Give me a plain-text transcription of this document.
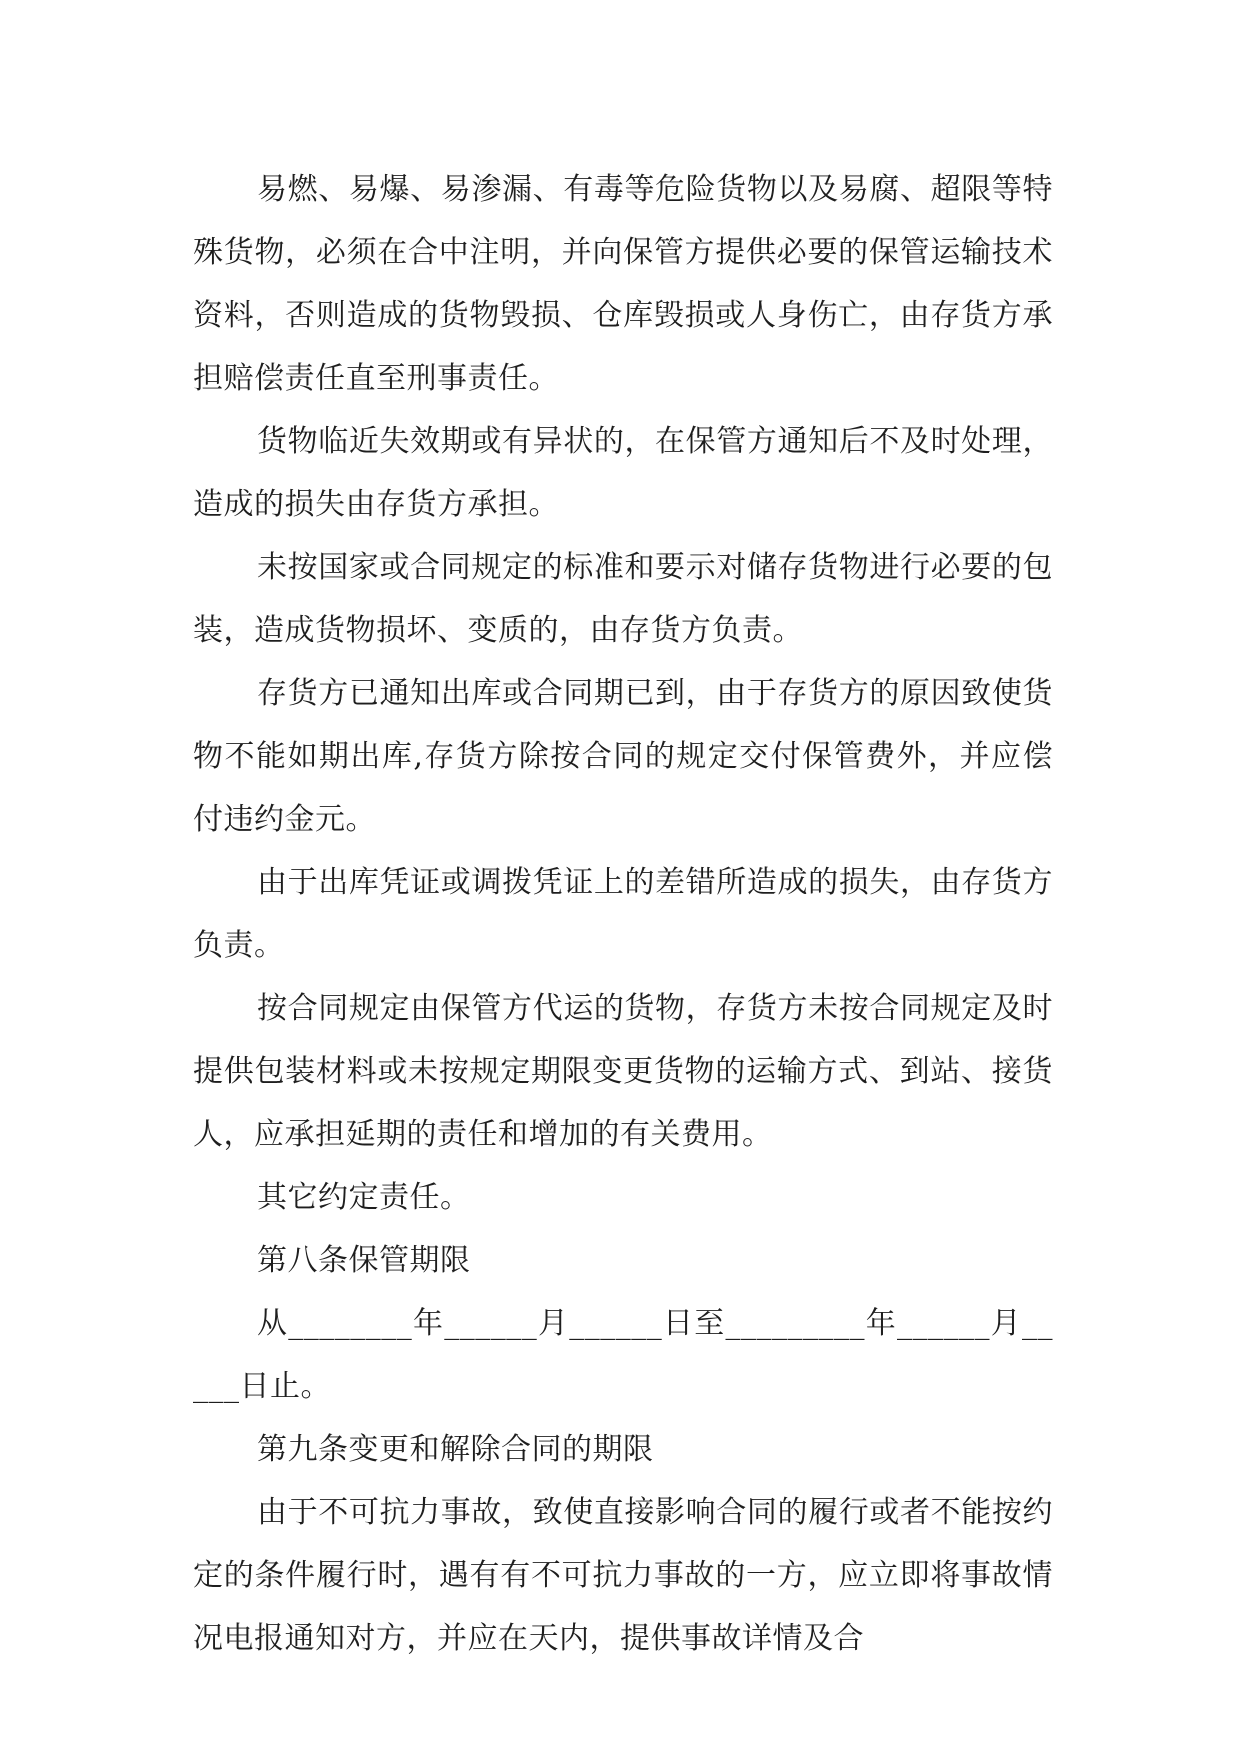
易燃、易爆、易渗漏、有毒等危险货物以及易腐、超限等特殊货物，必须在合中注明，并向保管方提供必要的保管运输技术资料，否则造成的货物毁损、仓库毁损或人身伤亡，由存货方承担赔偿责任直至刑事责任。

货物临近失效期或有异状的，在保管方通知后不及时处理，造成的损失由存货方承担。

未按国家或合同规定的标准和要示对储存货物进行必要的包装，造成货物损坏、变质的，由存货方负责。

存货方已通知出库或合同期已到，由于存货方的原因致使货物不能如期出库,存货方除按合同的规定交付保管费外，并应偿付违约金元。

由于出库凭证或调拨凭证上的差错所造成的损失，由存货方负责。

按合同规定由保管方代运的货物，存货方未按合同规定及时提供包装材料或未按规定期限变更货物的运输方式、到站、接货人，应承担延期的责任和增加的有关费用。

其它约定责任。

第八条保管期限

从________年______月______日至_________年______月_____日止。

第九条变更和解除合同的期限

由于不可抗力事故，致使直接影响合同的履行或者不能按约定的条件履行时，遇有有不可抗力事故的一方，应立即将事故情况电报通知对方，并应在天内，提供事故详情及合
